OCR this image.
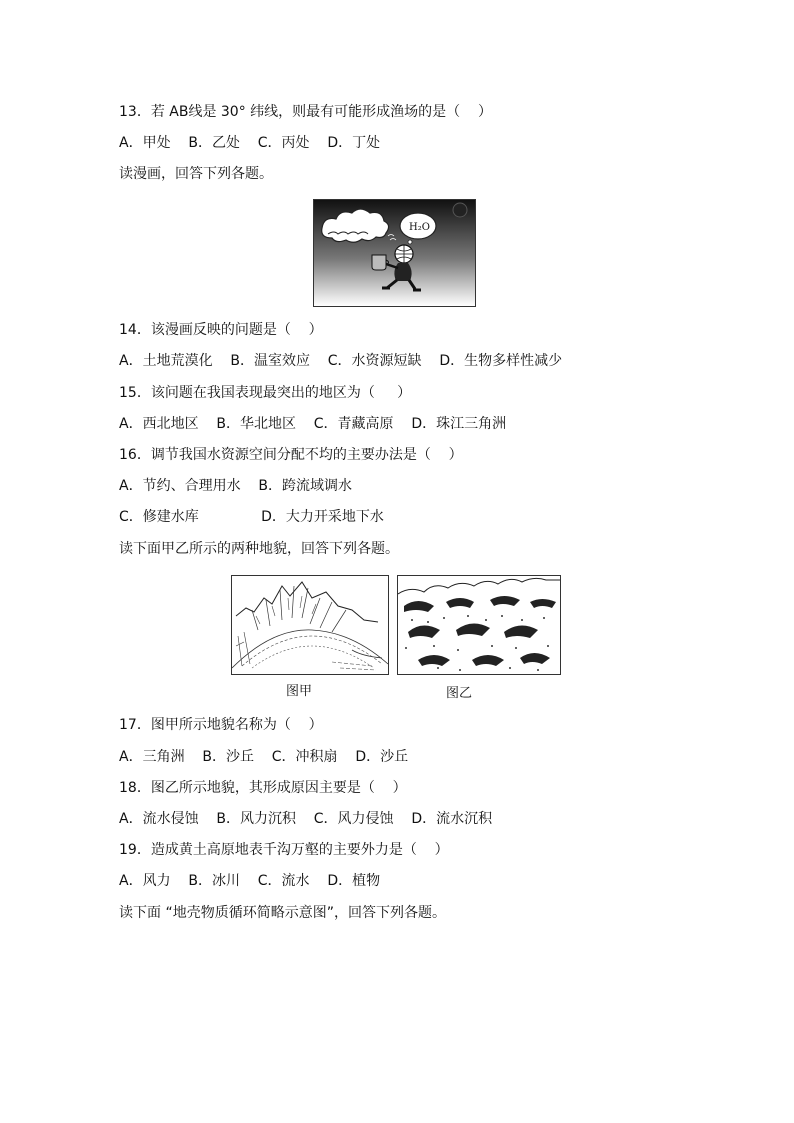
13．若 AB线是 30° 纬线，则最有可能形成渔场的是（    ）
A．甲处    B．乙处    C．丙处    D．丁处
读漫画，回答下列各题。
H₂O
14．该漫画反映的问题是（    ）
A．土地荒漠化    B．温室效应    C．水资源短缺    D．生物多样性减少
15．该问题在我国表现最突出的地区为（     ）
A．西北地区    B．华北地区    C．青藏高原    D．珠江三角洲
16．调节我国水资源空间分配不均的主要办法是（    ）
A．节约、合理用水    B．跨流域调水
C．修建水库              D．大力开采地下水
读下面甲乙所示的两种地貌，回答下列各题。
图甲	图乙
17．图甲所示地貌名称为（    ）
A．三角洲    B．沙丘    C．冲积扇    D．沙丘
18．图乙所示地貌，其形成原因主要是（    ）
A．流水侵蚀    B．风力沉积    C．风力侵蚀    D．流水沉积
19．造成黄土高原地表千沟万壑的主要外力是（    ）
A．风力    B．冰川    C．流水    D．植物
读下面 “地壳物质循环简略示意图”，回答下列各题。
